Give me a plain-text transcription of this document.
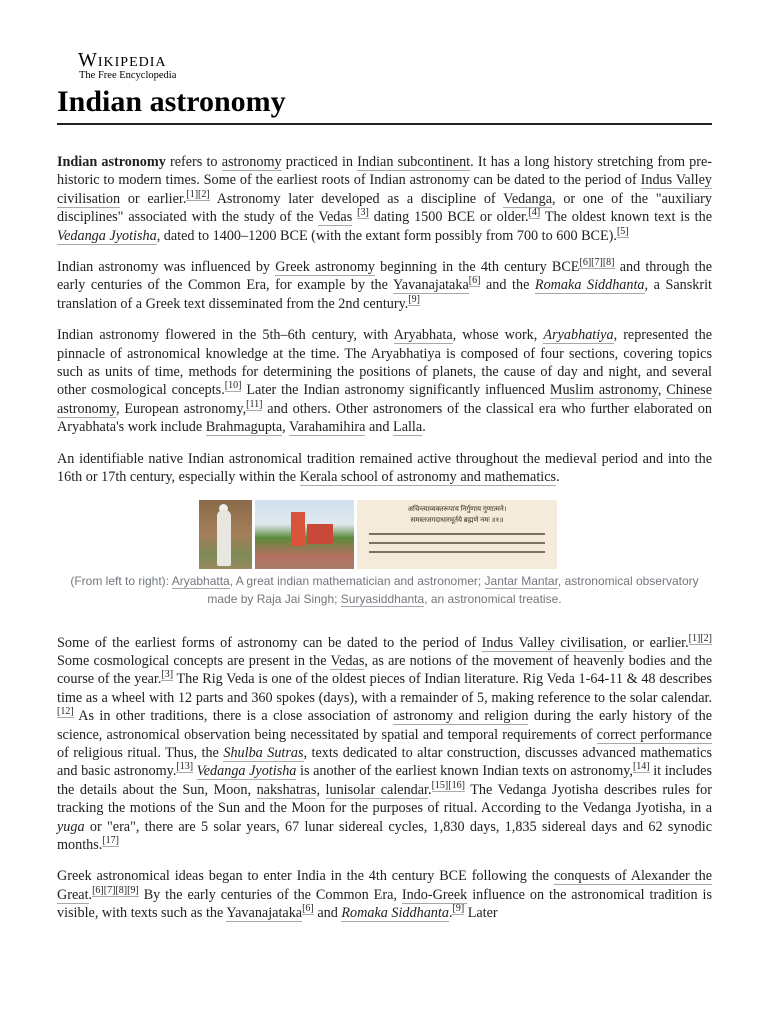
Wikipedia
The Free Encyclopedia
Indian astronomy

Indian astronomy refers to astronomy practiced in Indian subcontinent. It has a long history stretching from pre-historic to modern times. Some of the earliest roots of Indian astronomy can be dated to the period of Indus Valley civilisation or earlier.[1][2] Astronomy later developed as a discipline of Vedanga, or one of the "auxiliary disciplines" associated with the study of the Vedas [3] dating 1500 BCE or older.[4] The oldest known text is the Vedanga Jyotisha, dated to 1400–1200 BCE (with the extant form possibly from 700 to 600 BCE).[5]

Indian astronomy was influenced by Greek astronomy beginning in the 4th century BCE[6][7][8] and through the early centuries of the Common Era, for example by the Yavanajataka[6] and the Romaka Siddhanta, a Sanskrit translation of a Greek text disseminated from the 2nd century.[9]

Indian astronomy flowered in the 5th–6th century, with Aryabhata, whose work, Aryabhatiya, represented the pinnacle of astronomical knowledge at the time. The Aryabhatiya is composed of four sections, covering topics such as units of time, methods for determining the positions of planets, the cause of day and night, and several other cosmological concepts.[10] Later the Indian astronomy significantly influenced Muslim astronomy, Chinese astronomy, European astronomy,[11] and others. Other astronomers of the classical era who further elaborated on Aryabhata's work include Brahmagupta, Varahamihira and Lalla.

An identifiable native Indian astronomical tradition remained active throughout the medieval period and into the 16th or 17th century, especially within the Kerala school of astronomy and mathematics.

अचिन्त्याव्यक्तरूपाय निर्गुणाय गुणात्मने।
समस्तजगदाधारमूर्तये ब्रह्मणे नमः ॥१॥
(From left to right): Aryabhatta, A great indian mathematician and astronomer; Jantar Mantar, astronomical observatory made by Raja Jai Singh; Suryasiddhanta, an astronomical treatise.

Some of the earliest forms of astronomy can be dated to the period of Indus Valley civilisation, or earlier.[1][2] Some cosmological concepts are present in the Vedas, as are notions of the movement of heavenly bodies and the course of the year.[3] The Rig Veda is one of the oldest pieces of Indian literature. Rig Veda 1-64-11 & 48 describes time as a wheel with 12 parts and 360 spokes (days), with a remainder of 5, making reference to the solar calendar.[12] As in other traditions, there is a close association of astronomy and religion during the early history of the science, astronomical observation being necessitated by spatial and temporal requirements of correct performance of religious ritual. Thus, the Shulba Sutras, texts dedicated to altar construction, discusses advanced mathematics and basic astronomy.[13] Vedanga Jyotisha is another of the earliest known Indian texts on astronomy,[14] it includes the details about the Sun, Moon, nakshatras, lunisolar calendar.[15][16] The Vedanga Jyotisha describes rules for tracking the motions of the Sun and the Moon for the purposes of ritual. According to the Vedanga Jyotisha, in a yuga or "era", there are 5 solar years, 67 lunar sidereal cycles, 1,830 days, 1,835 sidereal days and 62 synodic months.[17]

Greek astronomical ideas began to enter India in the 4th century BCE following the conquests of Alexander the Great.[6][7][8][9] By the early centuries of the Common Era, Indo-Greek influence on the astronomical tradition is visible, with texts such as the Yavanajataka[6] and Romaka Siddhanta.[9] Later
